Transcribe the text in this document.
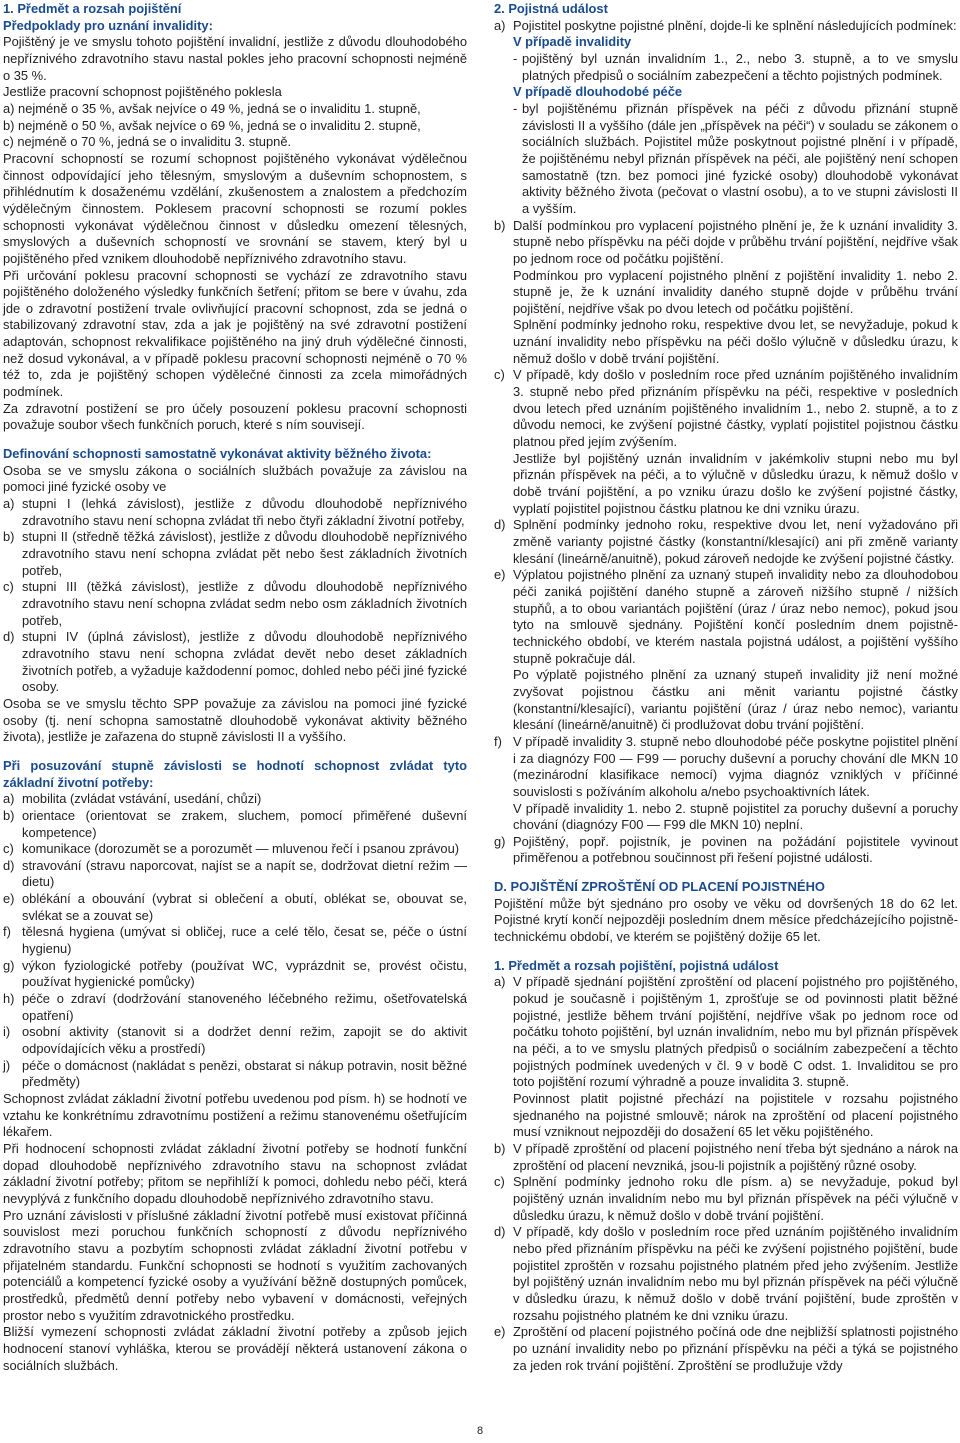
1. Předmět a rozsah pojištění

Předpoklady pro uznání invalidity:

Pojištěný je ve smyslu tohoto pojištění invalidní, jestliže z důvodu dlouhodobého nepříznivého zdravotního stavu nastal pokles jeho pracovní schopnosti nejméně o 35 %.

Jestliže pracovní schopnost pojištěného poklesla

a) nejméně o 35 %, avšak nejvíce o 49 %, jedná se o invaliditu 1. stupně,

b) nejméně o 50 %, avšak nejvíce o 69 %, jedná se o invaliditu 2. stupně,

c) nejméně o 70 %, jedná se o invaliditu 3. stupně.

Pracovní schopností se rozumí schopnost pojištěného vykonávat výdělečnou činnost odpovídající jeho tělesným, smyslovým a duševním schopnostem, s přihlédnutím k dosaženému vzdělání, zkušenostem a znalostem a předchozím výdělečným činnostem. Poklesem pracovní schopnosti se rozumí pokles schopnosti vykonávat výdělečnou činnost v důsledku omezení tělesných, smyslových a duševních schopností ve srovnání se stavem, který byl u pojištěného před vznikem dlouhodobě nepříznivého zdravotního stavu.

Při určování poklesu pracovní schopnosti se vychází ze zdravotního stavu pojištěného doloženého výsledky funkčních šetření; přitom se bere v úvahu, zda jde o zdravotní postižení trvale ovlivňující pracovní schopnost, zda se jedná o stabilizovaný zdravotní stav, zda a jak je pojištěný na své zdravotní postižení adaptován, schopnost rekvalifikace pojištěného na jiný druh výdělečné činnosti, než dosud vykonával, a v případě poklesu pracovní schopnosti nejméně o 70 % též to, zda je pojištěný schopen výdělečné činnosti za zcela mimořádných podmínek.

Za zdravotní postižení se pro účely posouzení poklesu pracovní schopnosti považuje soubor všech funkčních poruch, které s ním souvisejí.

Definování schopnosti samostatně vykonávat aktivity běžného života:

Osoba se ve smyslu zákona o sociálních službách považuje za závislou na pomoci jiné fyzické osoby ve

a) stupni I (lehká závislost), jestliže z důvodu dlouhodobě nepříznivého zdravotního stavu není schopna zvládat tři nebo čtyři základní životní potřeby,
b) stupni II (středně těžká závislost), jestliže z důvodu dlouhodobě nepříznivého zdravotního stavu není schopna zvládat pět nebo šest základních životních potřeb,
c) stupni III (těžká závislost), jestliže z důvodu dlouhodobě nepříznivého zdravotního stavu není schopna zvládat sedm nebo osm základních životních potřeb,
d) stupni IV (úplná závislost), jestliže z důvodu dlouhodobě nepříznivého zdravotního stavu není schopna zvládat devět nebo deset základních životních potřeb, a vyžaduje každodenní pomoc, dohled nebo péči jiné fyzické osoby.

Osoba se ve smyslu těchto SPP považuje za závislou na pomoci jiné fyzické osoby (tj. není schopna samostatně dlouhodobě vykonávat aktivity běžného života), jestliže je zařazena do stupně závislosti II a vyššího.

Při posuzování stupně závislosti se hodnotí schopnost zvládat tyto základní životní potřeby:

a) mobilita (zvládat vstávání, usedání, chůzi)
b) orientace (orientovat se zrakem, sluchem, pomocí přiměřené duševní kompetence)
c) komunikace (dorozumět se a porozumět — mluvenou řečí i psanou zprávou)
d) stravování (stravu naporcovat, najíst se a napít se, dodržovat dietní režim — dietu)
e) oblékání a obouvání (vybrat si oblečení a obutí, oblékat se, obouvat se, svlékat se a zouvat se)
f) tělesná hygiena (umývat si obličej, ruce a celé tělo, česat se, péče o ústní hygienu)
g) výkon fyziologické potřeby (používat WC, vyprázdnit se, provést očistu, používat hygienické pomůcky)
h) péče o zdraví (dodržování stanoveného léčebného režimu, ošetřovatelská opatření)
i) osobní aktivity (stanovit si a dodržet denní režim, zapojit se do aktivit odpovídajících věku a prostředí)
j) péče o domácnost (nakládat s penězi, obstarat si nákup potravin, nosit běžné předměty)

Schopnost zvládat základní životní potřebu uvedenou pod písm. h) se hodnotí ve vztahu ke konkrétnímu zdravotnímu postižení a režimu stanovenému ošetřujícím lékařem.

Při hodnocení schopnosti zvládat základní životní potřeby se hodnotí funkční dopad dlouhodobě nepříznivého zdravotního stavu na schopnost zvládat základní životní potřeby; přitom se nepřihlíží k pomoci, dohledu nebo péči, která nevyplývá z funkčního dopadu dlouhodobě nepříznivého zdravotního stavu.

Pro uznání závislosti v příslušné základní životní potřebě musí existovat příčinná souvislost mezi poruchou funkčních schopností z důvodu nepříznivého zdravotního stavu a pozbytím schopnosti zvládat základní životní potřebu v přijatelném standardu. Funkční schopnosti se hodnotí s využitím zachovaných potenciálů a kompetencí fyzické osoby a využívání běžně dostupných pomůcek, prostředků, předmětů denní potřeby nebo vybavení v domácnosti, veřejných prostor nebo s využitím zdravotnického prostředku.

Bližší vymezení schopnosti zvládat základní životní potřeby a způsob jejich hodnocení stanoví vyhláška, kterou se provádějí některá ustanovení zákona o sociálních službách.

2. Pojistná událost

a) Pojistitel poskytne pojistné plnění, dojde-li ke splnění následujících podmínek:

V případě invalidity

- pojištěný byl uznán invalidním 1., 2., nebo 3. stupně, a to ve smyslu platných předpisů o sociálním zabezpečení a těchto pojistných podmínek.

V případě dlouhodobé péče

- byl pojištěnému přiznán příspěvek na péči z důvodu přiznání stupně závislosti II a vyššího (dále jen „příspěvek na péči“) v souladu se zákonem o sociálních službách. Pojistitel může poskytnout pojistné plnění i v případě, že pojištěnému nebyl přiznán příspěvek na péči, ale pojištěný není schopen samostatně (tzn. bez pomoci jiné fyzické osoby) dlouhodobě vykonávat aktivity běžného života (pečovat o vlastní osobu), a to ve stupni závislosti II a vyšším.
b) Další podmínkou pro vyplacení pojistného plnění je, že k uznání invalidity 3. stupně nebo příspěvku na péči dojde v průběhu trvání pojištění, nejdříve však po jednom roce od počátku pojištění.

Podmínkou pro vyplacení pojistného plnění z pojištění invalidity 1. nebo 2. stupně je, že k uznání invalidity daného stupně dojde v průběhu trvání pojištění, nejdříve však po dvou letech od počátku pojištění.

Splnění podmínky jednoho roku, respektive dvou let, se nevyžaduje, pokud k uznání invalidity nebo příspěvku na péči došlo výlučně v důsledku úrazu, k němuž došlo v době trvání pojištění.

c) V případě, kdy došlo v posledním roce před uznáním pojištěného invalidním 3. stupně nebo před přiznáním příspěvku na péči, respektive v posledních dvou letech před uznáním pojištěného invalidním 1., nebo 2. stupně, a to z důvodu nemoci, ke zvýšení pojistné částky, vyplatí pojistitel pojistnou částku platnou před jejím zvýšením.

Jestliže byl pojištěný uznán invalidním v jakémkoliv stupni nebo mu byl přiznán příspěvek na péči, a to výlučně v důsledku úrazu, k němuž došlo v době trvání pojištění, a po vzniku úrazu došlo ke zvýšení pojistné částky, vyplatí pojistitel pojistnou částku platnou ke dni vzniku úrazu.

d) Splnění podmínky jednoho roku, respektive dvou let, není vyžadováno při změně varianty pojistné částky (konstantní/klesající) ani při změně varianty klesání (lineárně/anuitně), pokud zároveň nedojde ke zvýšení pojistné částky.
e) Výplatou pojistného plnění za uznaný stupeň invalidity nebo za dlouhodobou péči zaniká pojištění daného stupně a zároveň nižšího stupně / nižších stupňů, a to obou variantách pojištění (úraz / úraz nebo nemoc), pokud jsou tyto na smlouvě sjednány. Pojištění končí posledním dnem pojistně-technického období, ve kterém nastala pojistná událost, a pojištění vyššího stupně pokračuje dál.

Po výplatě pojistného plnění za uznaný stupeň invalidity již není možné zvyšovat pojistnou částku ani měnit variantu pojistné částky (konstantní/klesající), variantu pojištění (úraz / úraz nebo nemoc), variantu klesání (lineárně/anuitně) či prodlužovat dobu trvání pojištění.

f) V případě invalidity 3. stupně nebo dlouhodobé péče poskytne pojistitel plnění i za diagnózy F00 — F99 — poruchy duševní a poruchy chování dle MKN 10 (mezinárodní klasifikace nemocí) vyjma diagnóz vzniklých v příčinné souvislosti s požíváním alkoholu a/nebo psychoaktivních látek.

V případě invalidity 1. nebo 2. stupně pojistitel za poruchy duševní a poruchy chování (diagnózy F00 — F99 dle MKN 10) neplní.

g) Pojištěný, popř. pojistník, je povinen na požádání pojistitele vyvinout přiměřenou a potřebnou součinnost při řešení pojistné události.

D. POJIŠTĚNÍ ZPROŠTĚNÍ OD PLACENÍ POJISTNÉHO

Pojištění může být sjednáno pro osoby ve věku od dovršených 18 do 62 let. Pojistné krytí končí nejpozději posledním dnem měsíce předcházejícího pojistně-technickému období, ve kterém se pojištěný dožije 65 let.

1. Předmět a rozsah pojištění, pojistná událost

a) V případě sjednání pojištění zproštění od placení pojistného pro pojištěného, pokud je současně i pojištěným 1, zprošťuje se od povinnosti platit běžné pojistné, jestliže během trvání pojištění, nejdříve však po jednom roce od počátku tohoto pojištění, byl uznán invalidním, nebo mu byl přiznán příspěvek na péči, a to ve smyslu platných předpisů o sociálním zabezpečení a těchto pojistných podmínek uvedených v čl. 9 v bodě C odst. 1. Invaliditou se pro toto pojištění rozumí výhradně a pouze invalidita 3. stupně.

Povinnost platit pojistné přechází na pojistitele v rozsahu pojistného sjednaného na pojistné smlouvě; nárok na zproštění od placení pojistného musí vzniknout nejpozději do dosažení 65 let věku pojištěného.

b) V případě zproštění od placení pojistného není třeba být sjednáno a nárok na zproštění od placení nevzniká, jsou-li pojistník a pojištěný různé osoby.
c) Splnění podmínky jednoho roku dle písm. a) se nevyžaduje, pokud byl pojištěný uznán invalidním nebo mu byl přiznán příspěvek na péči výlučně v důsledku úrazu, k němuž došlo v době trvání pojištění.
d) V případě, kdy došlo v posledním roce před uznáním pojištěného invalidním nebo před přiznáním příspěvku na péči ke zvýšení pojistného pojištění, bude pojistitel zproštěn v rozsahu pojistného platném před jeho zvýšením. Jestliže byl pojištěný uznán invalidním nebo mu byl přiznán příspěvek na péči výlučně v důsledku úrazu, k němuž došlo v době trvání pojištění, bude zproštěn v rozsahu pojistného platném ke dni vzniku úrazu.
e) Zproštění od placení pojistného počíná ode dne nejbližší splatnosti pojistného po uznání invalidity nebo po přiznání příspěvku na péči a týká se pojistného za jeden rok trvání pojištění. Zproštění se prodlužuje vždy
8
